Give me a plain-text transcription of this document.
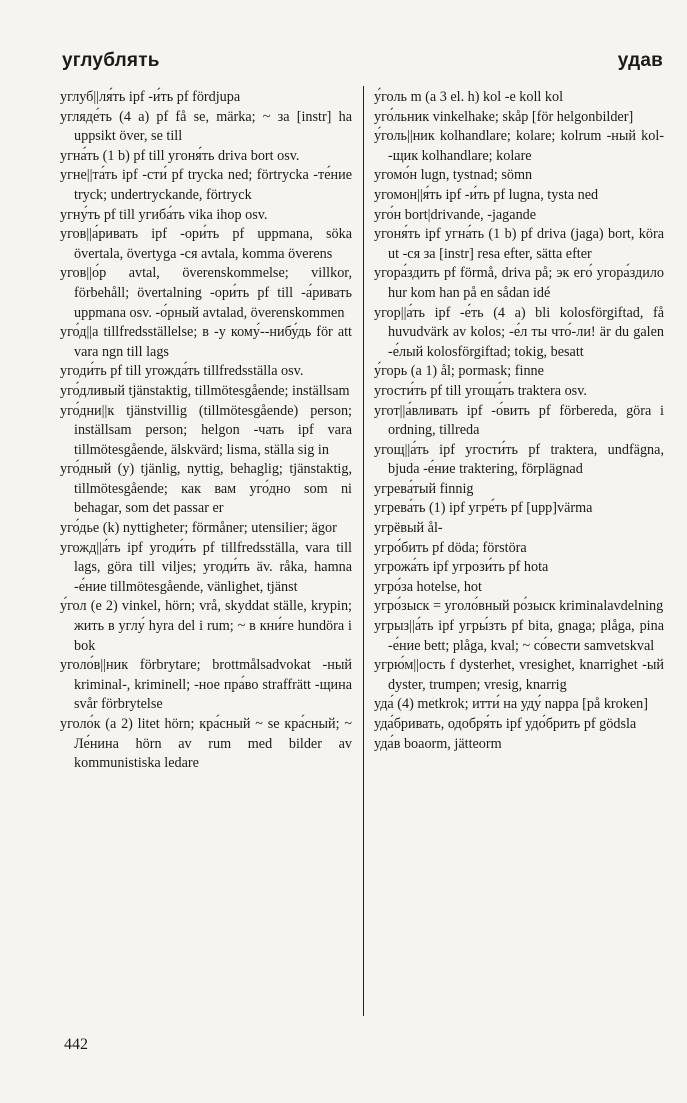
углублять	удав

углуб||ля́ть ipf -и́ть pf fördjupa

угляде́ть (4 a) pf få se, märka; ~ за [instr] ha uppsikt över, se till

угна́ть (1 b) pf till угоня́ть driva bort osv.

угне||та́ть ipf -сти́ pf trycka ned; förtrycka -те́ние tryck; undertryckande, förtryck

угну́ть pf till угиба́ть vika ihop osv.

угов||а́ривать ipf -ори́ть pf uppmana, söka övertala, övertyga -ся avtala, komma överens

угов||о́р avtal, överenskommelse; villkor, förbehåll; övertalning -ори́ть pf till -а́ривать uppmana osv. -о́рный avtalad, överenskommen

уго́д||а tillfredsställelse; в -у кому́--нибу́дь för att vara ngn till lags

угоди́ть pf till угожда́ть tillfredsställa osv.

уго́дливый tjänstaktig, tillmötesgående; inställsam

уго́дни||к tjänstvillig (tillmötesgående) person; inställsam person; helgon -чать ipf vara tillmötesgående, älskvärd; lisma, ställa sig in

уго́дный (у) tjänlig, nyttig, behaglig; tjänstaktig, tillmötesgående; как вам уго́дно som ni behagar, som det passar er

уго́дье (k) nyttigheter; förmåner; utensilier; ägor

угожд||а́ть ipf угоди́ть pf tillfredsställa, vara till lags, göra till viljes; угоди́ть äv. råka, hamna -е́ние tillmötesgående, vänlighet, tjänst

у́гол (e 2) vinkel, hörn; vrå, skyddat ställe, krypin; жить в углу́ hyra del i rum; ~ в кни́ге hundöra i bok

уголо́в||ник förbrytare; brottmålsadvokat -ный kriminal-, kriminell; -ное пра́во straffrätt -щина svår förbrytelse

уголо́к (a 2) litet hörn; кра́сный ~ se кра́сный; ~ Ле́нина hörn av rum med bilder av kommunistiska ledare

у́голь m (a 3 el. h) kol -е koll kol

уго́льник vinkelhake; skåp [för helgonbilder]

у́голь||ник kolhandlare; kolare; kolrum -ный kol- -щик kolhandlare; kolare

угомо́н lugn, tystnad; sömn

угомон||я́ть ipf -и́ть pf lugna, tysta ned

уго́н bort|drivande, -jagande

угоня́ть ipf угна́ть (1 b) pf driva (jaga) bort, köra ut -ся за [instr] resa efter, sätta efter

угора́здить pf förmå, driva på; эк его́ угора́здило hur kom han på en sådan idé

угор||а́ть ipf -е́ть (4 a) bli kolosförgiftad, få huvudvärk av kolos; -е́л ты что́-ли! är du galen -е́лый kolosförgiftad; tokig, besatt

у́горь (a 1) ål; pormask; finne

угости́ть pf till угоща́ть traktera osv.

угот||а́вливать ipf -о́вить pf förbereda, göra i ordning, tillreda

угощ||а́ть ipf угости́ть pf traktera, undfägna, bjuda -е́ние traktering, förplägnad

угрева́тый finnig

угрева́ть (1) ipf угре́ть pf [upp]värma

угрёвый ål-

угро́бить pf döda; förstöra

угрожа́ть ipf угрози́ть pf hota

угро́за hotelse, hot

угро́зыск = уголо́вный ро́зыск kriminalavdelning

угрыз||а́ть ipf угры́зть pf bita, gnaga; plåga, pina -е́ние bett; plåga, kval; ~ со́вести samvetskval

угрю́м||ость f dysterhet, vresighet, knarrighet -ый dyster, trumpen; vresig, knarrig

уда́ (4) metkrok; итти́ на уду́ nappa [på kroken]

уда́бривать, одобря́ть ipf удо́брить pf gödsla

уда́в boaorm, jätteorm

442
